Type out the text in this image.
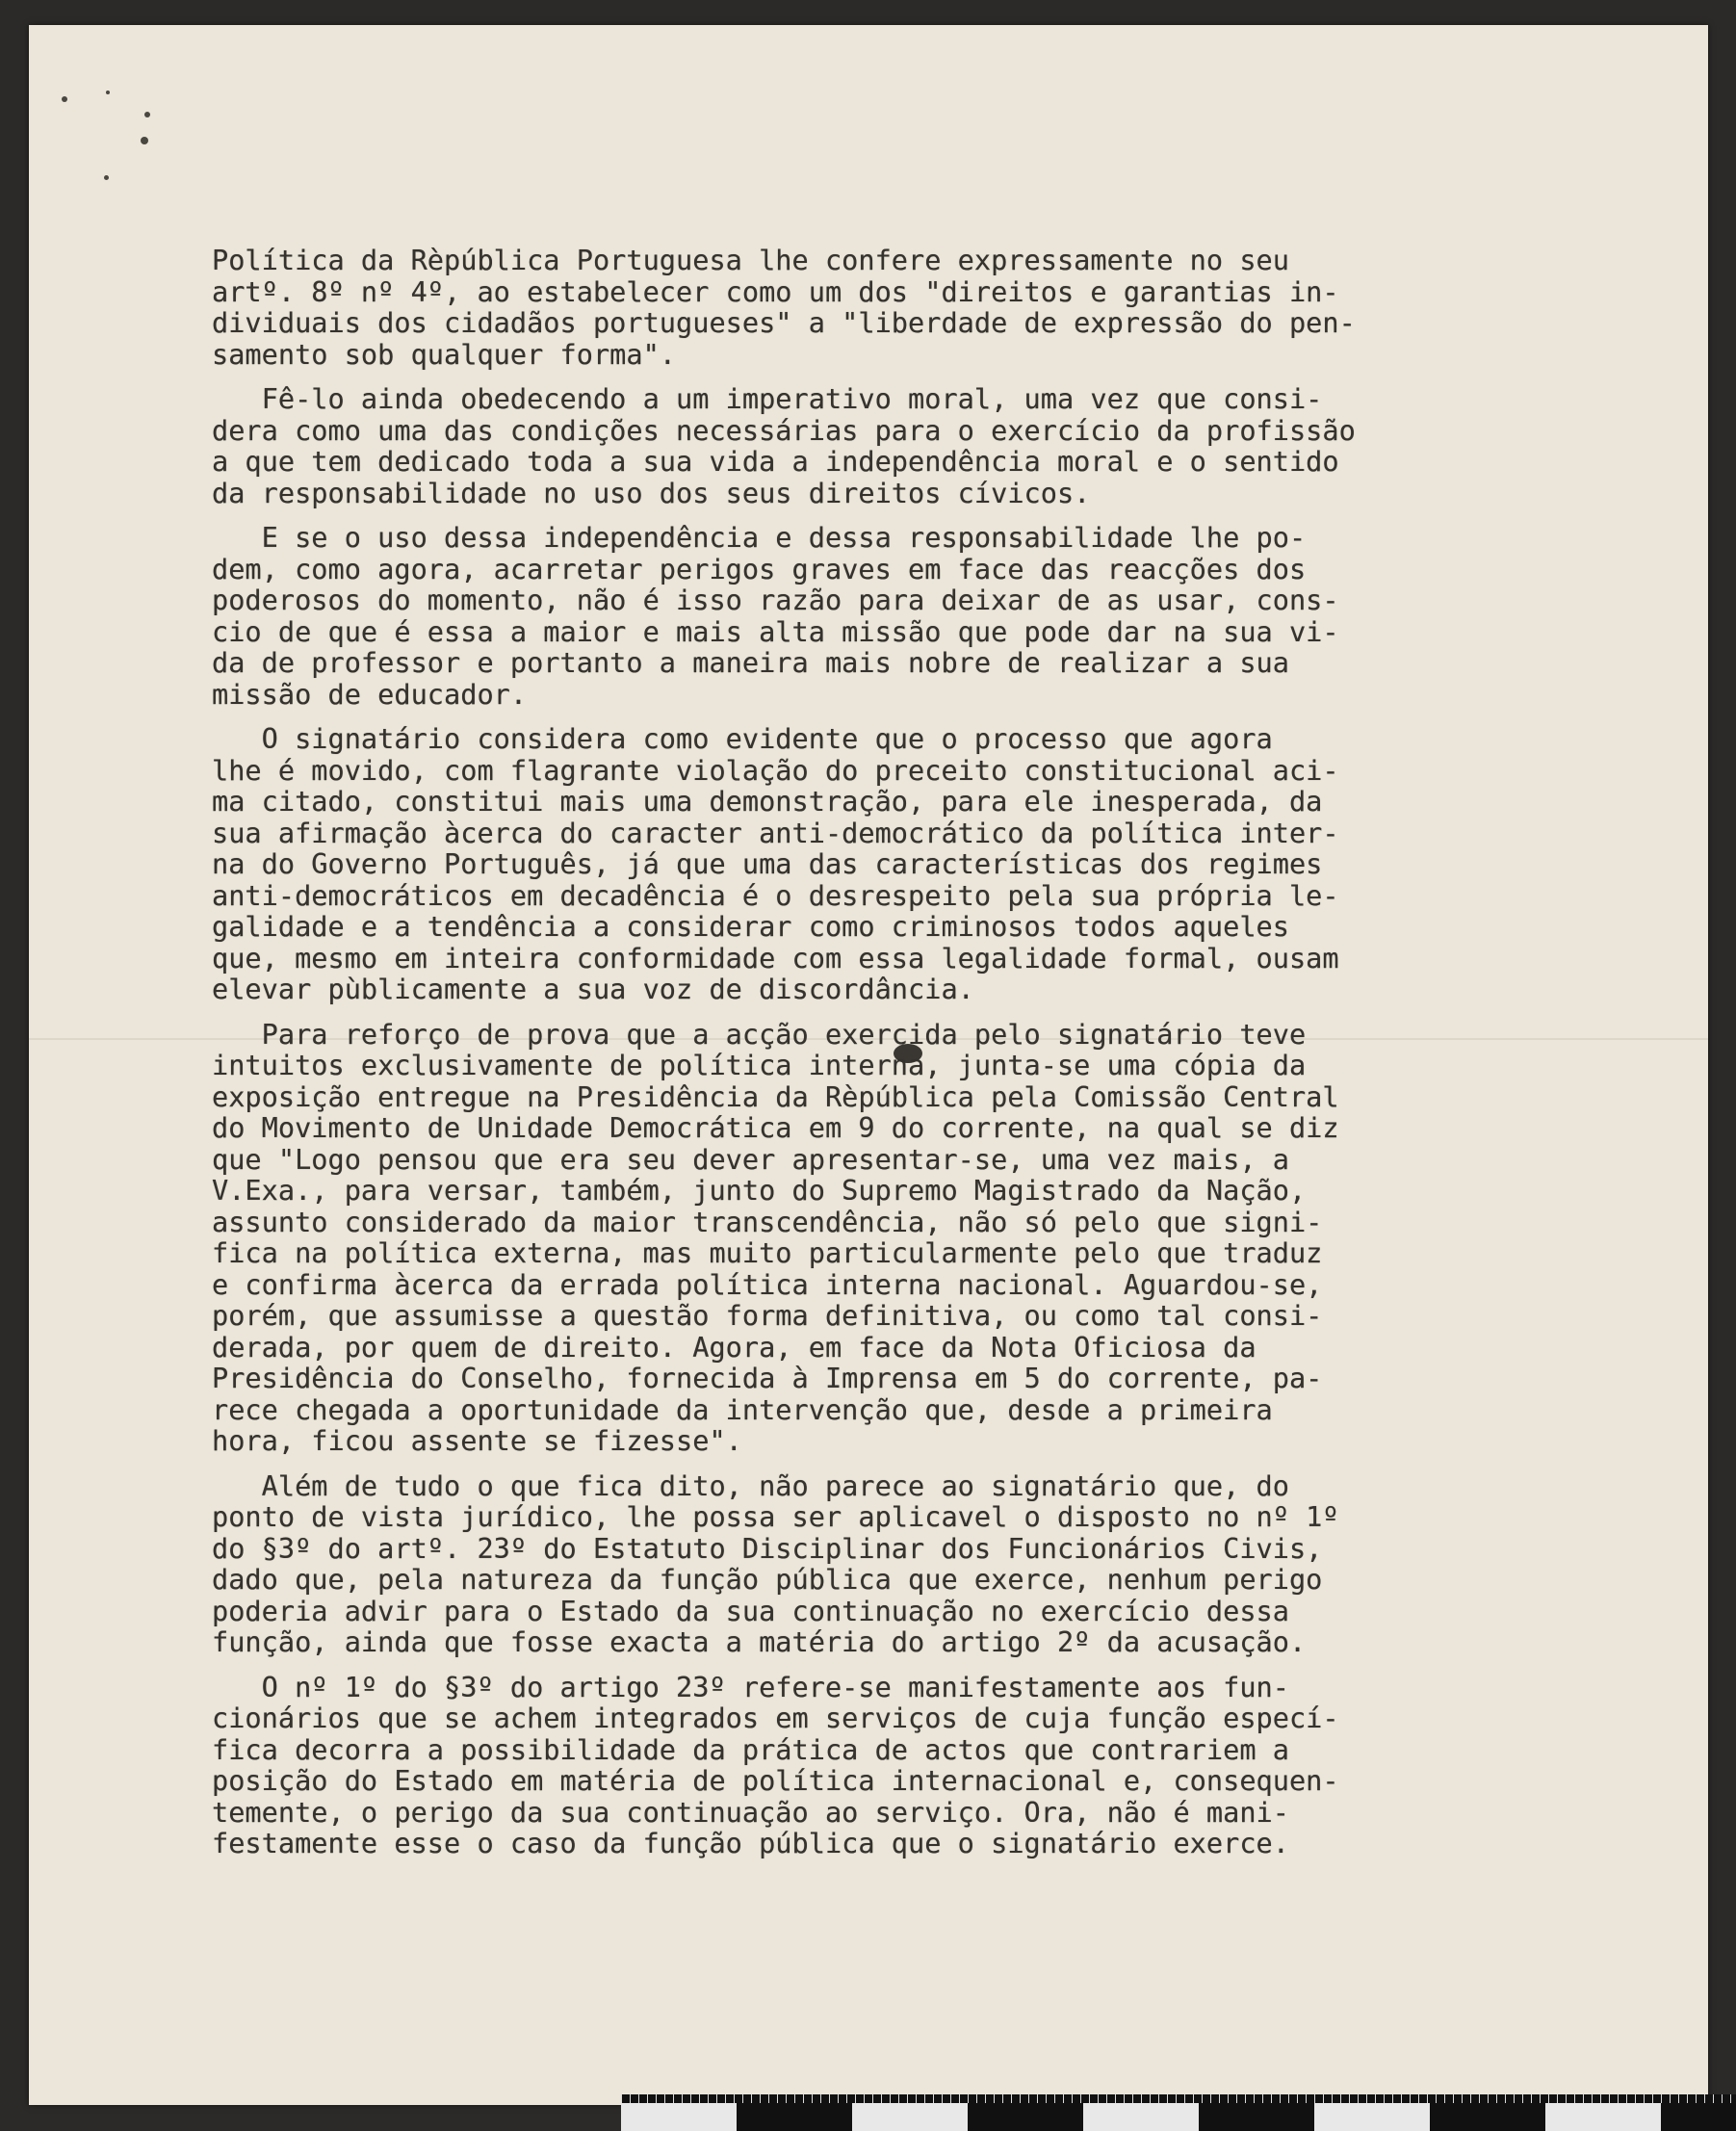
Política da Rèpública Portuguesa lhe confere expressamente no seu
artº. 8º nº 4º, ao estabelecer como um dos "direitos e garantias in-
dividuais dos cidadãos portugueses" a "liberdade de expressão do pen-
samento sob qualquer forma".
Fê-lo ainda obedecendo a um imperativo moral, uma vez que consi-
dera como uma das condições necessárias para o exercício da profissão
a que tem dedicado toda a sua vida a independência moral e o sentido
da responsabilidade no uso dos seus direitos cívicos.
E se o uso dessa independência e dessa responsabilidade lhe po-
dem, como agora, acarretar perigos graves em face das reacções dos
poderosos do momento, não é isso razão para deixar de as usar, cons-
cio de que é essa a maior e mais alta missão que pode dar na sua vi-
da de professor e portanto a maneira mais nobre de realizar a sua
missão de educador.
O signatário considera como evidente que o processo que agora
lhe é movido, com flagrante violação do preceito constitucional aci-
ma citado, constitui mais uma demonstração, para ele inesperada, da
sua afirmação àcerca do caracter anti-democrático da política inter-
na do Governo Português, já que uma das características dos regimes
anti-democráticos em decadência é o desrespeito pela sua própria le-
galidade e a tendência a considerar como criminosos todos aqueles
que, mesmo em inteira conformidade com essa legalidade formal, ousam
elevar pùblicamente a sua voz de discordância.
Para reforço de prova que a acção exercida pelo signatário teve
intuitos exclusivamente de política interna, junta-se uma cópia da
exposição entregue na Presidência da Rèpública pela Comissão Central
do Movimento de Unidade Democrática em 9 do corrente, na qual se diz
que "Logo pensou que era seu dever apresentar-se, uma vez mais, a
V.Exa., para versar, também, junto do Supremo Magistrado da Nação,
assunto considerado da maior transcendência, não só pelo que signi-
fica na política externa, mas muito particularmente pelo que traduz
e confirma àcerca da errada política interna nacional. Aguardou-se,
porém, que assumisse a questão forma definitiva, ou como tal consi-
derada, por quem de direito. Agora, em face da Nota Oficiosa da
Presidência do Conselho, fornecida à Imprensa em 5 do corrente, pa-
rece chegada a oportunidade da intervenção que, desde a primeira
hora, ficou assente se fizesse".
Além de tudo o que fica dito, não parece ao signatário que, do
ponto de vista jurídico, lhe possa ser aplicavel o disposto no nº 1º
do §3º do artº. 23º do Estatuto Disciplinar dos Funcionários Civis,
dado que, pela natureza da função pública que exerce, nenhum perigo
poderia advir para o Estado da sua continuação no exercício dessa
função, ainda que fosse exacta a matéria do artigo 2º da acusação.
O nº 1º do §3º do artigo 23º refere-se manifestamente aos fun-
cionários que se achem integrados em serviços de cuja função especí-
fica decorra a possibilidade da prática de actos que contrariem a
posição do Estado em matéria de política internacional e, consequen-
temente, o perigo da sua continuação ao serviço. Ora, não é mani-
festamente esse o caso da função pública que o signatário exerce.
